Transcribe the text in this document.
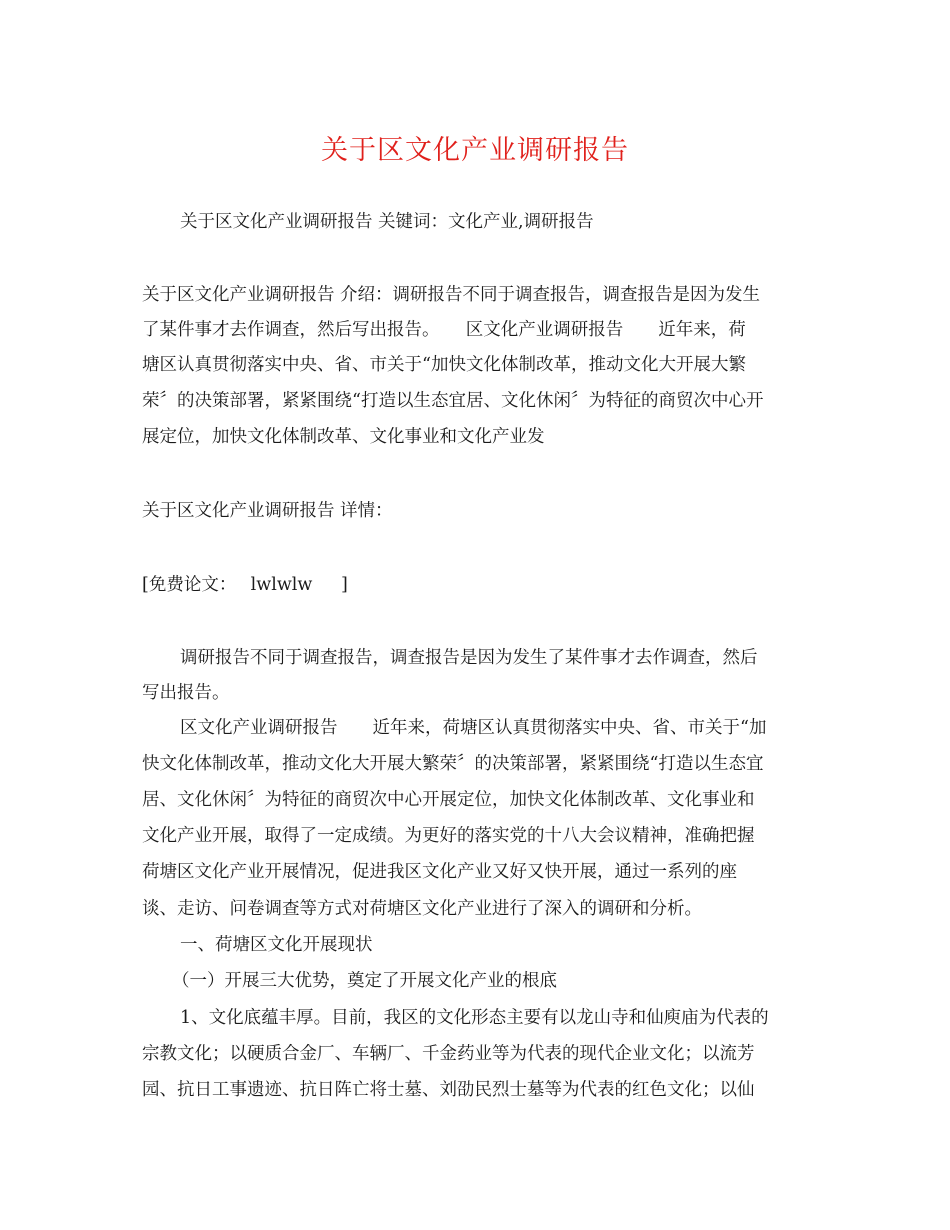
关于区文化产业调研报告
关于区文化产业调研报告 关键词：文化产业,调研报告
关于区文化产业调研报告 介绍：调研报告不同于调查报告，调查报告是因为发生
了某件事才去作调查，然后写出报告。　　区文化产业调研报告　　近年来，荷
塘区认真贯彻落实中央、省、市关于“加快文化体制改革，推动文化大开展大繁
荣〞的决策部署，紧紧围绕“打造以生态宜居、文化休闲〞为特征的商贸次中心开
展定位，加快文化体制改革、文化事业和文化产业发
关于区文化产业调研报告 详情：
[免费论文：　 lwlwlw　  ]
调研报告不同于调查报告，调查报告是因为发生了某件事才去作调查，然后
写出报告。
区文化产业调研报告　　近年来，荷塘区认真贯彻落实中央、省、市关于“加
快文化体制改革，推动文化大开展大繁荣〞的决策部署，紧紧围绕“打造以生态宜
居、文化休闲〞为特征的商贸次中心开展定位，加快文化体制改革、文化事业和
文化产业开展，取得了一定成绩。为更好的落实党的十八大会议精神，准确把握
荷塘区文化产业开展情况，促进我区文化产业又好又快开展，通过一系列的座
谈、走访、问卷调查等方式对荷塘区文化产业进行了深入的调研和分析。
一、荷塘区文化开展现状
（一）开展三大优势，奠定了开展文化产业的根底
1、文化底蕴丰厚。目前，我区的文化形态主要有以龙山寺和仙庾庙为代表的
宗教文化；以硬质合金厂、车辆厂、千金药业等为代表的现代企业文化；以流芳
园、抗日工事遗迹、抗日阵亡将士墓、刘劭民烈士墓等为代表的红色文化；以仙
